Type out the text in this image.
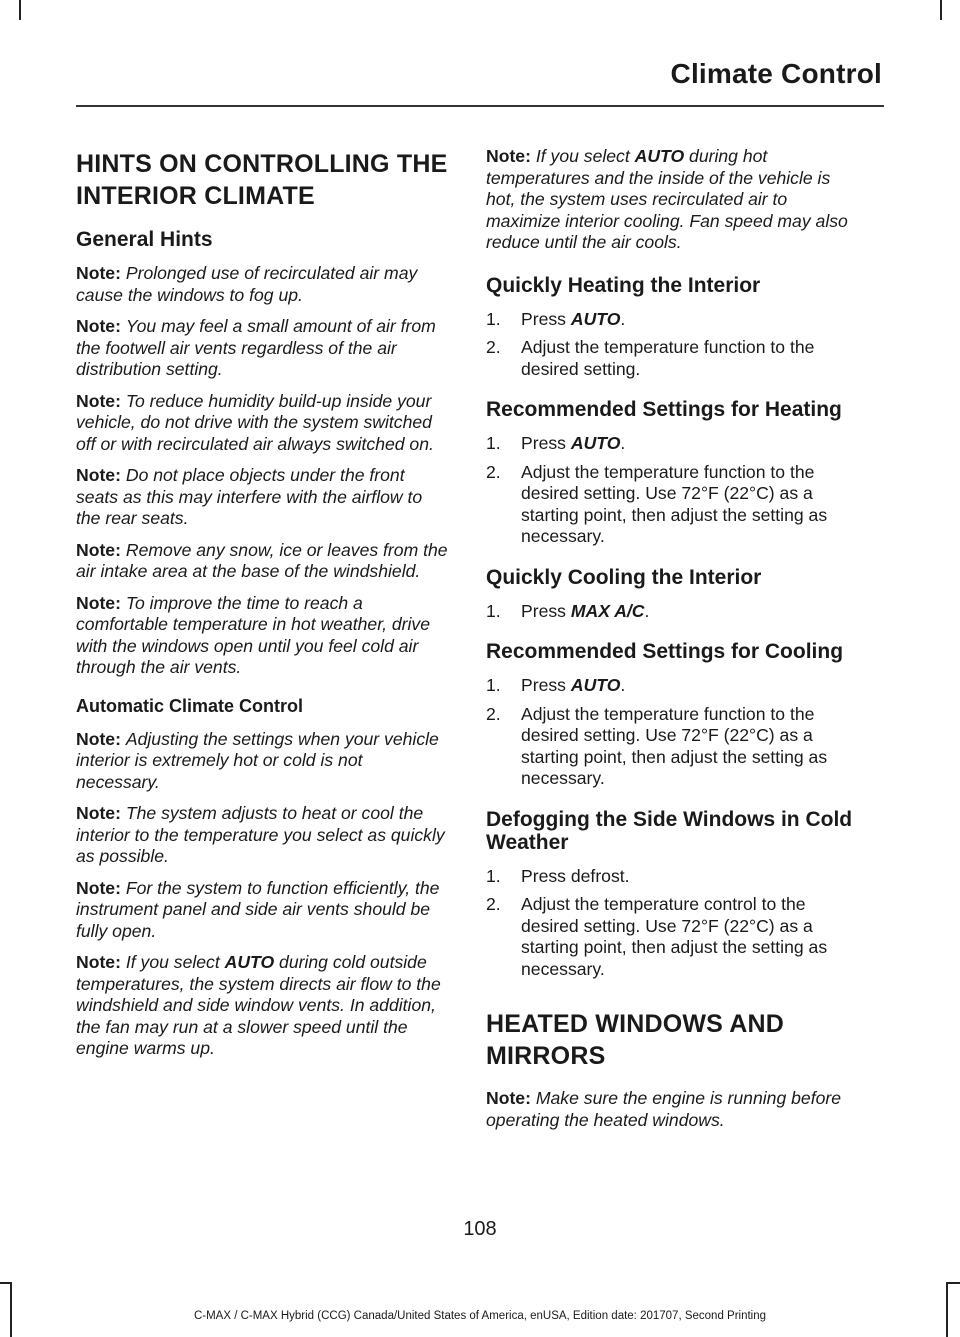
Climate Control
HINTS ON CONTROLLING THE INTERIOR CLIMATE
General Hints

Note: Prolonged use of recirculated air may cause the windows to fog up.

Note: You may feel a small amount of air from the footwell air vents regardless of the air distribution setting.

Note: To reduce humidity build-up inside your vehicle, do not drive with the system switched off or with recirculated air always switched on.

Note: Do not place objects under the front seats as this may interfere with the airflow to the rear seats.

Note: Remove any snow, ice or leaves from the air intake area at the base of the windshield.

Note: To improve the time to reach a comfortable temperature in hot weather, drive with the windows open until you feel cold air through the air vents.

Automatic Climate Control

Note: Adjusting the settings when your vehicle interior is extremely hot or cold is not necessary.

Note: The system adjusts to heat or cool the interior to the temperature you select as quickly as possible.

Note: For the system to function efficiently, the instrument panel and side air vents should be fully open.

Note: If you select AUTO during cold outside temperatures, the system directs air flow to the windshield and side window vents. In addition, the fan may run at a slower speed until the engine warms up.

Note: If you select AUTO during hot temperatures and the inside of the vehicle is hot, the system uses recirculated air to maximize interior cooling. Fan speed may also reduce until the air cools.

Quickly Heating the Interior
1.	Press AUTO.
2.	Adjust the temperature function to the desired setting.
Recommended Settings for Heating
1.	Press AUTO.
2.	Adjust the temperature function to the desired setting. Use 72°F (22°C) as a starting point, then adjust the setting as necessary.
Quickly Cooling the Interior
1.	Press MAX A/C.
Recommended Settings for Cooling
1.	Press AUTO.
2.	Adjust the temperature function to the desired setting. Use 72°F (22°C) as a starting point, then adjust the setting as necessary.
Defogging the Side Windows in Cold Weather
1.	Press defrost.
2.	Adjust the temperature control to the desired setting. Use 72°F (22°C) as a starting point, then adjust the setting as necessary.
HEATED WINDOWS AND MIRRORS

Note: Make sure the engine is running before operating the heated windows.

108
C-MAX / C-MAX Hybrid (CCG) Canada/United States of America, enUSA, Edition date: 201707, Second Printing
